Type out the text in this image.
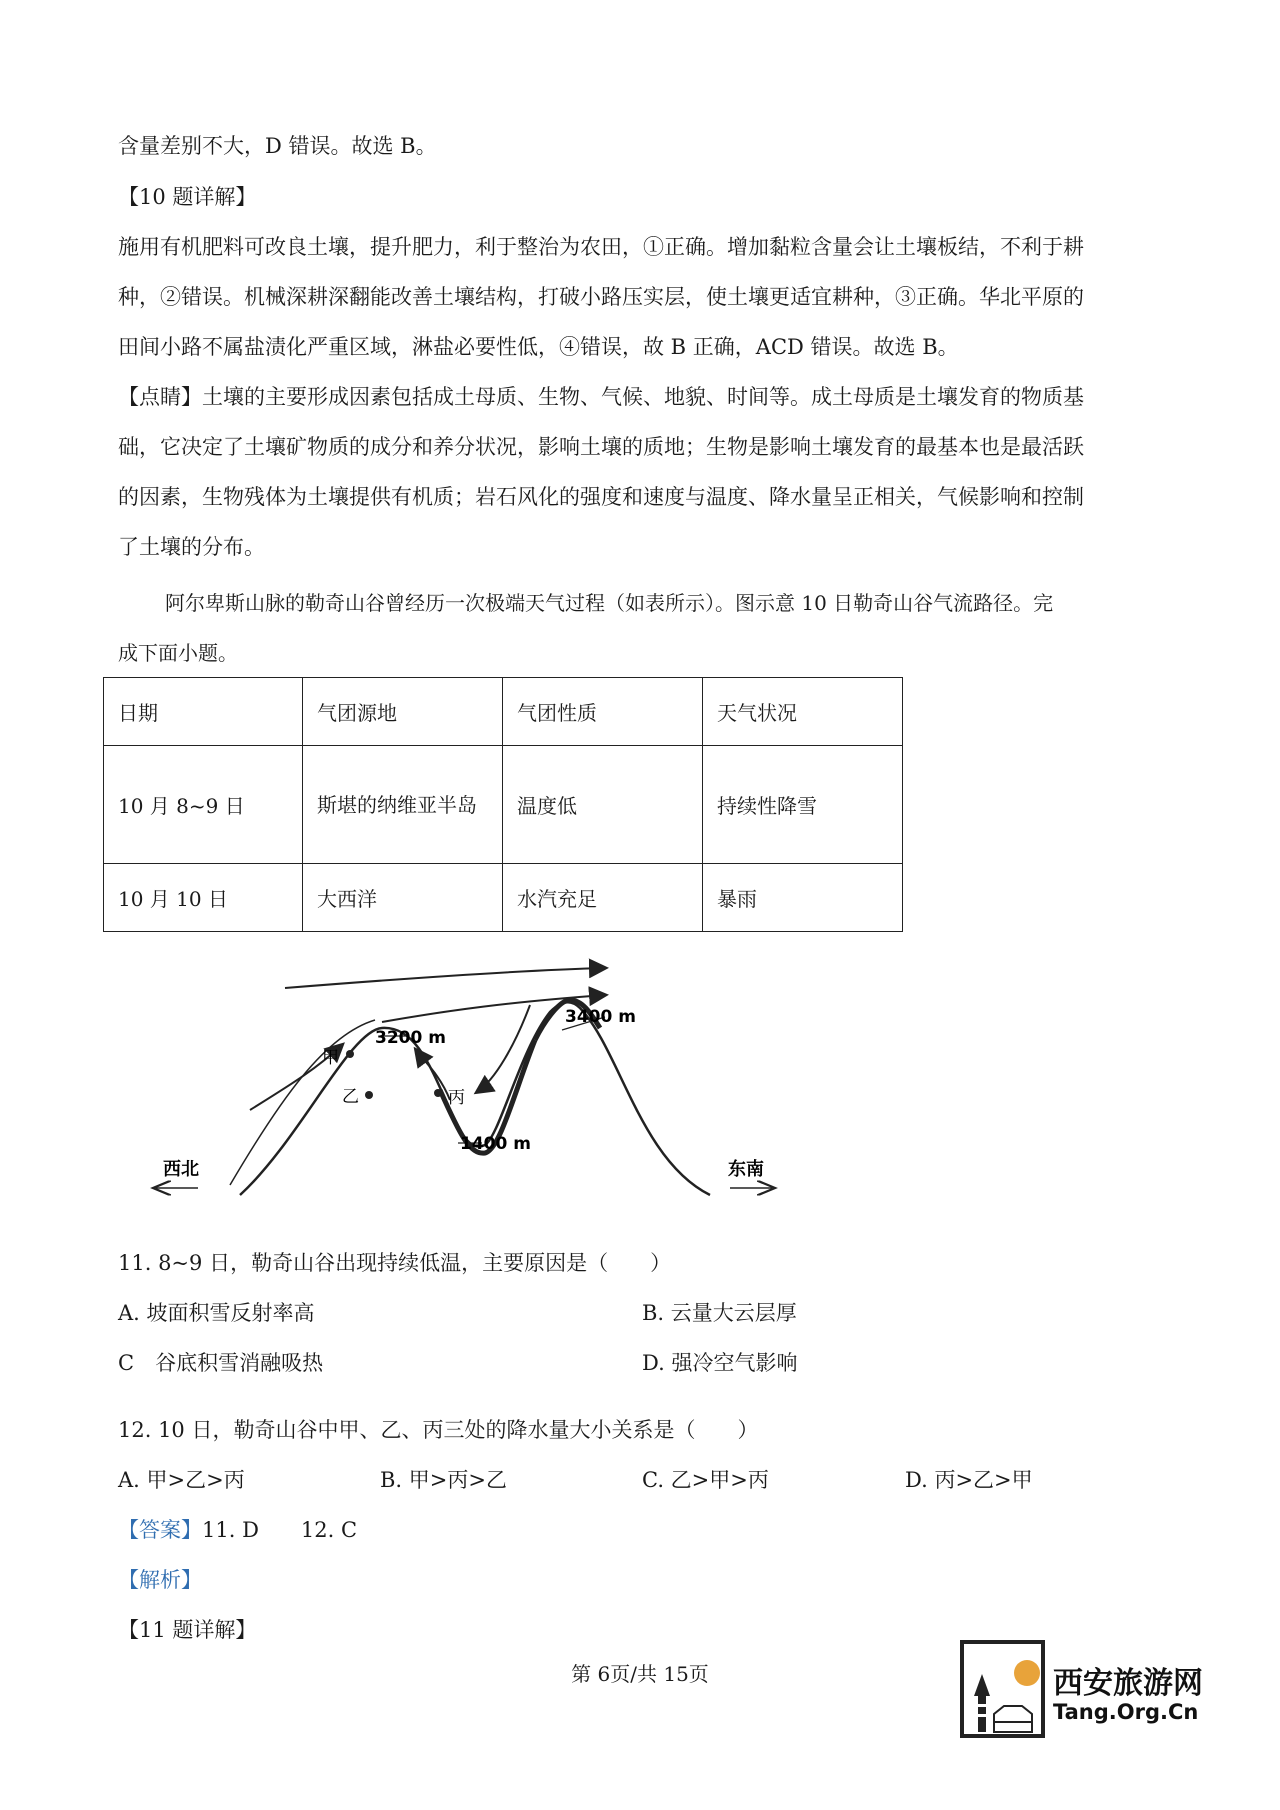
含量差别不大，D 错误。故选 B。
【10 题详解】
施用有机肥料可改良土壤，提升肥力，利于整治为农田，①正确。增加黏粒含量会让土壤板结，不利于耕
种，②错误。机械深耕深翻能改善土壤结构，打破小路压实层，使土壤更适宜耕种，③正确。华北平原的
田间小路不属盐渍化严重区域，淋盐必要性低，④错误，故 B 正确，ACD 错误。故选 B。
【点睛】土壤的主要形成因素包括成土母质、生物、气候、地貌、时间等。成土母质是土壤发育的物质基
础，它决定了土壤矿物质的成分和养分状况，影响土壤的质地；生物是影响土壤发育的最基本也是最活跃
的因素，生物残体为土壤提供有机质；岩石风化的强度和速度与温度、降水量呈正相关，气候影响和控制
了土壤的分布。
阿尔卑斯山脉的勒奇山谷曾经历一次极端天气过程（如表所示）。图示意 10 日勒奇山谷气流路径。完
成下面小题。
日期	气团源地	气团性质	天气状况
10 月 8~9 日	斯堪的纳维亚半岛	温度低	持续性降雪
10 月 10 日	大西洋	水汽充足	暴雨
3200 m
3400 m
1400 m
甲
乙	丙
西北	东南
11. 8~9 日，勒奇山谷出现持续低温，主要原因是（　　）
A. 坡面积雪反射率高	B. 云量大云层厚
C　谷底积雪消融吸热	D. 强冷空气影响
12. 10 日，勒奇山谷中甲、乙、丙三处的降水量大小关系是（　　）
A. 甲>乙>丙	B. 甲>丙>乙	C. 乙>甲>丙	D. 丙>乙>甲
【答案】11. D 12. C
【解析】
【11 题详解】
第 6页/共 15页	西安旅游网
Tang.Org.Cn
